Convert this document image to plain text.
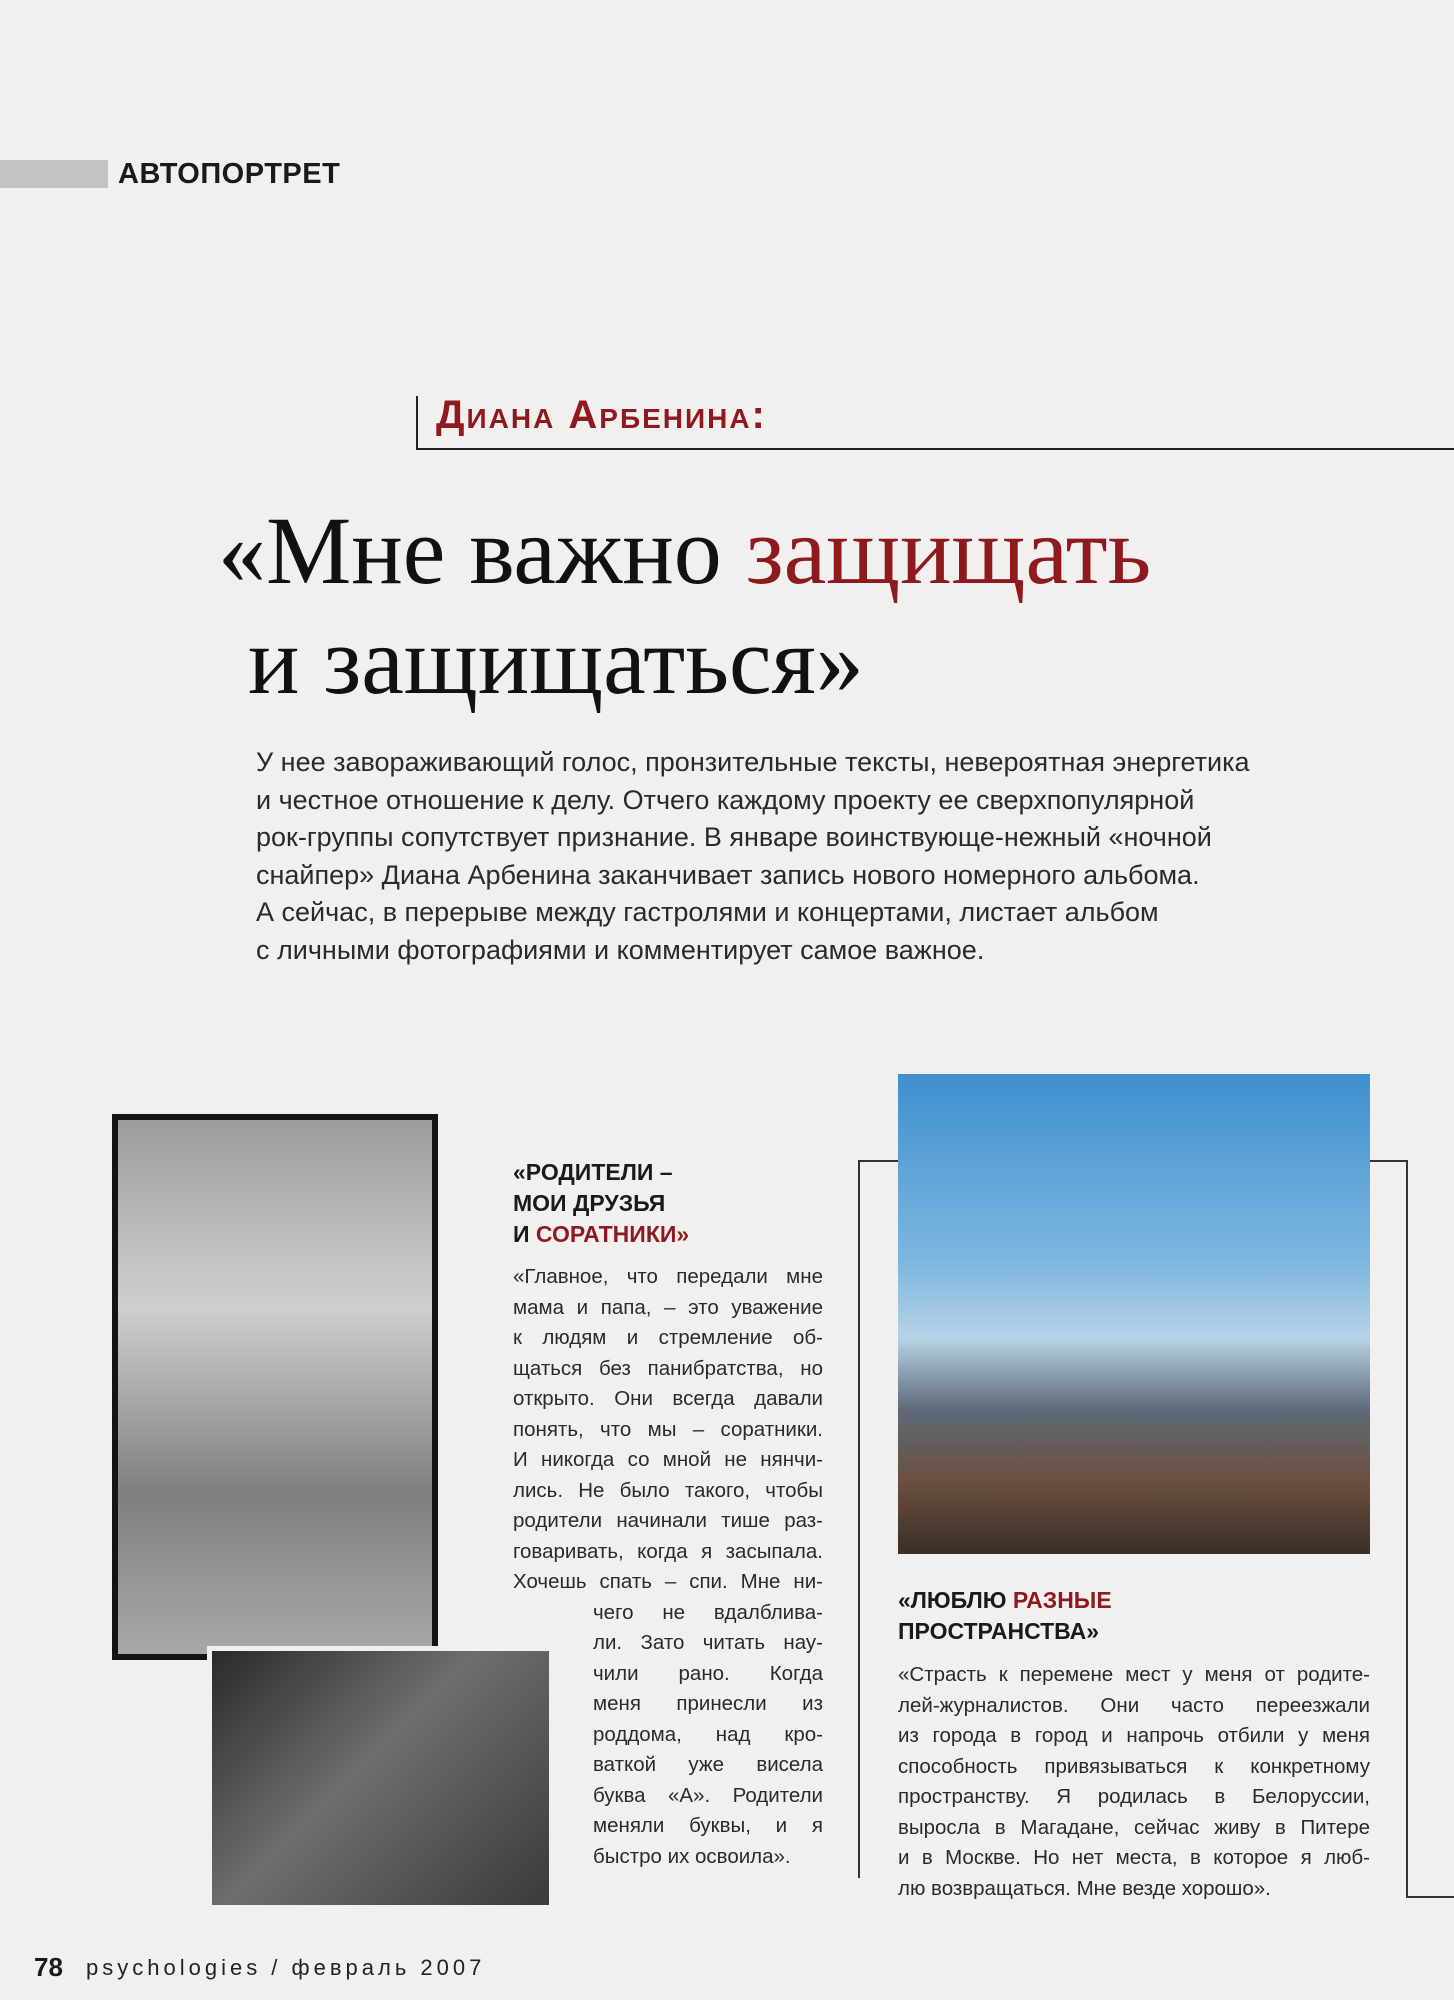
АВТОПОРТРЕТ
Диана Арбенина:
«Мне важно защищать
и защищаться»
У нее завораживающий голос, пронзительные тексты, невероятная энергетика
и честное отношение к делу. Отчего каждому проекту ее сверхпопулярной
рок-группы сопутствует признание. В январе воинствующе-нежный «ночной
снайпер» Диана Арбенина заканчивает запись нового номерного альбома.
А сейчас, в перерыве между гастролями и концертами, листает альбом
с личными фотографиями и комментирует самое важное.
«РОДИТЕЛИ –
МОИ ДРУЗЬЯ
И СОРАТНИКИ»
«Главное, что передали мне
мама и папа, – это уважение
к людям и стремление об-
щаться без панибратства, но
открыто. Они всегда давали
понять, что мы – соратники.
И никогда со мной не нянчи-
лись. Не было такого, чтобы
родители начинали тише раз-
говаривать, когда я засыпала.
Хочешь спать – спи. Мне ни-
чего не вдалблива-
ли. Зато читать нау-
чили рано. Когда
меня принесли из
роддома, над кро-
ваткой уже висела
буква «А». Родители
меняли буквы, и я
быстро их освоила».
«ЛЮБЛЮ РАЗНЫЕ
ПРОСТРАНСТВА»
«Страсть к перемене мест у меня от родите-
лей-журналистов. Они часто переезжали
из города в город и напрочь отбили у меня
способность привязываться к конкретному
пространству. Я родилась в Белоруссии,
выросла в Магадане, сейчас живу в Питере
и в Москве. Но нет места, в которое я люб-
лю возвращаться. Мне везде хорошо».
78 psychologies / февраль 2007
